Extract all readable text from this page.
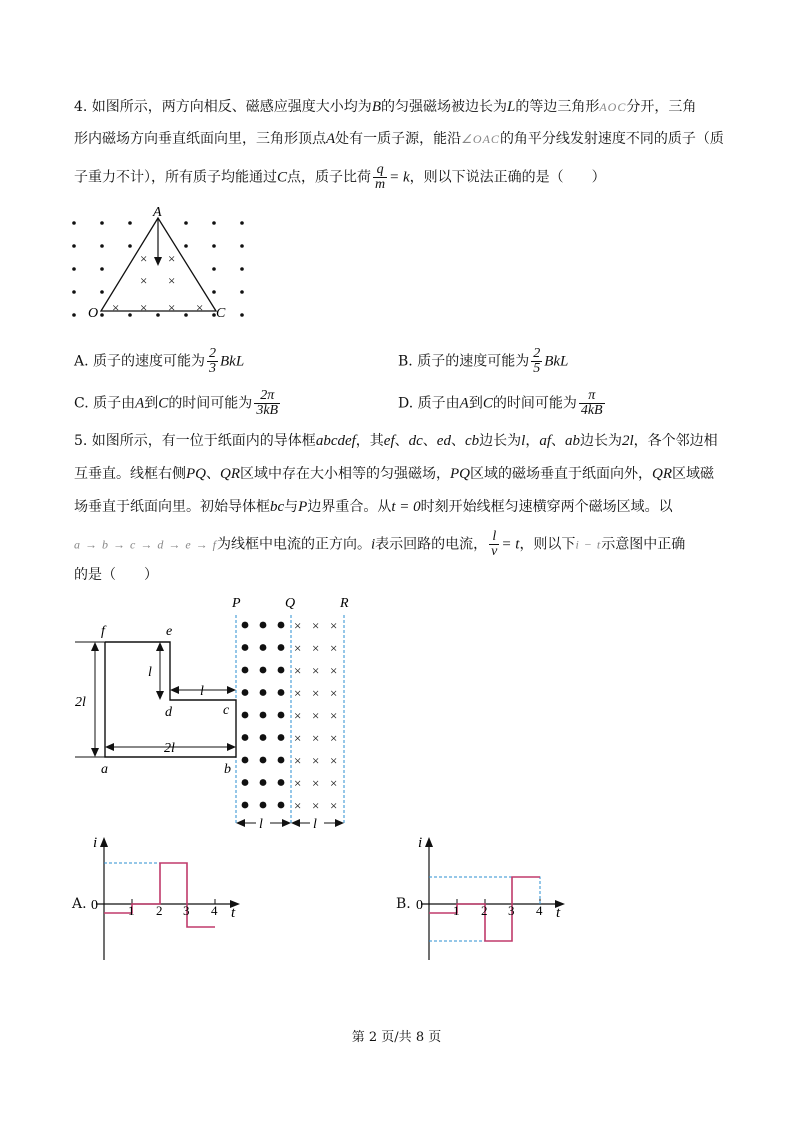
4. 如图所示，两方向相反、磁感应强度大小均为B的匀强磁场被边长为L的等边三角形AOC分开，三角
形内磁场方向垂直纸面向里，三角形顶点A处有一质子源，能沿∠OAC的角平分线发射速度不同的质子（质
子重力不计），所有质子均能通过C点，质子比荷 $\frac{q}{m} = k$，则以下说法正确的是（　　）
× ×
× ×
× × × ×
A
O	C
A. 质子的速度可能为 $\frac{2}{3}$ BkL	B. 质子的速度可能为 $\frac{2}{5}$ BkL
C. 质子由A到C的时间可能为 $\frac{2\pi}{3kB}$	D. 质子由A到C的时间可能为 $\frac{\pi}{4kB}$
5. 如图所示，有一位于纸面内的导体框abcdef，其ef、dc、ed、cb边长为l，af、ab边长为2l，各个邻边相
互垂直。线框右侧PQ、QR区域中存在大小相等的匀强磁场，PQ区域的磁场垂直于纸面向外，QR区域磁
场垂直于纸面向里。初始导体框bc与P边界重合。从t = 0时刻开始线框匀速横穿两个磁场区域。以
a → b → c → d → e → f为线框中电流的正方向。i表示回路的电流， $\frac{l}{v} = t$，则以下i − t示意图中正确
的是（　　）
× × ×
× × ×
× × ×
× × ×
× × ×
× × ×
× × ×
× × ×
× × ×
P	Q	R
f	e
d	c
a	b
2l
l
l
2l
l	l
A.
i
0	t
1 2 3 4	B.
i
0	t
1 2 3 4
第 2 页/共 8 页
